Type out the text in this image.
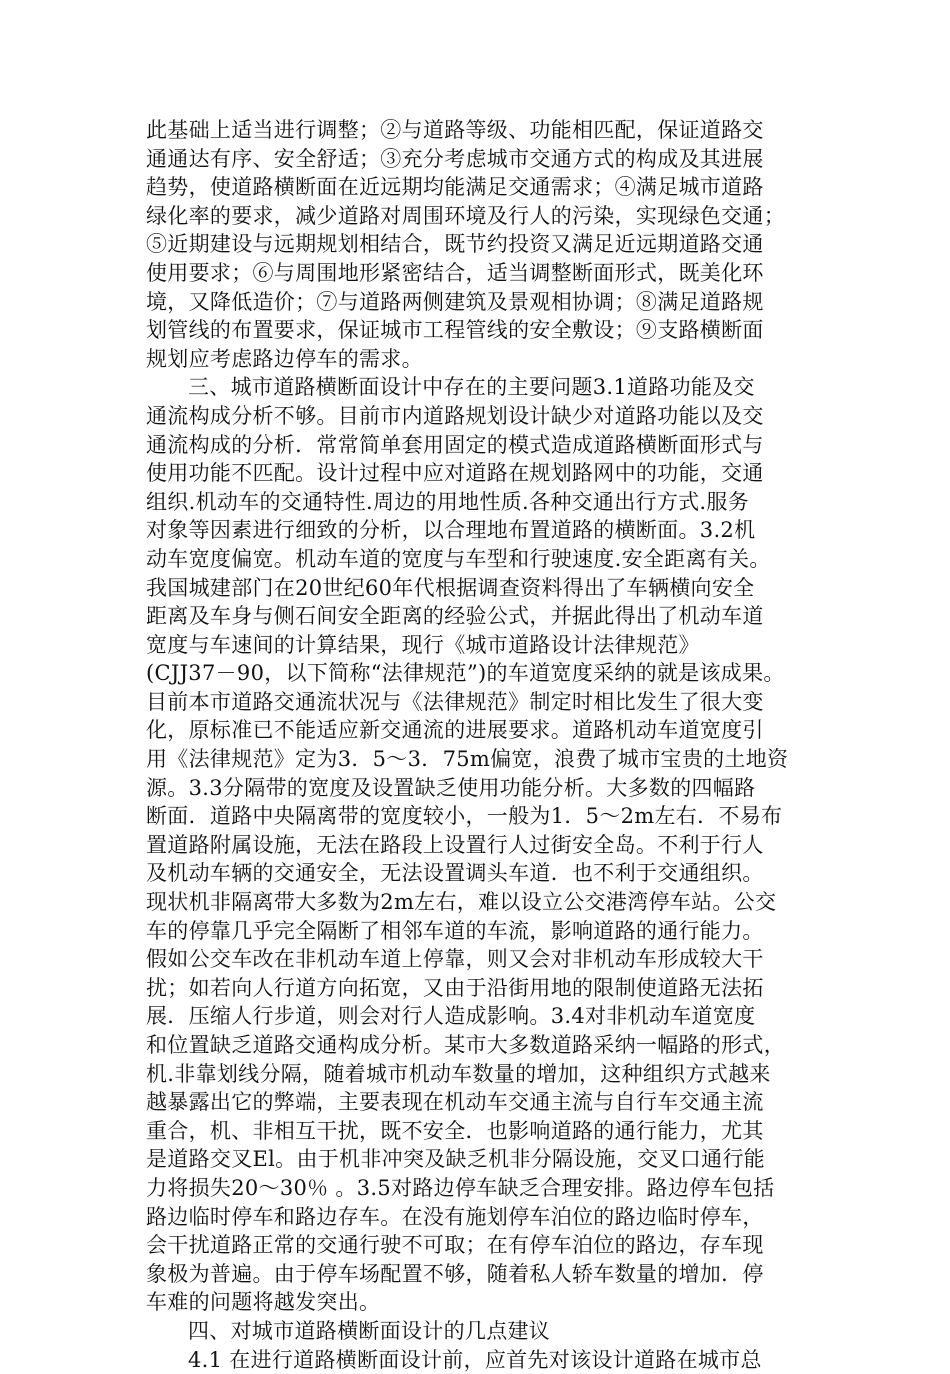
此基础上适当进行调整；②与道路等级、功能相匹配，保证道路交
通通达有序、安全舒适；③充分考虑城市交通方式的构成及其进展
趋势，使道路横断面在近远期均能满足交通需求；④满足城市道路
绿化率的要求，减少道路对周围环境及行人的污染，实现绿色交通；
⑤近期建设与远期规划相结合，既节约投资又满足近远期道路交通
使用要求；⑥与周围地形紧密结合，适当调整断面形式，既美化环
境，又降低造价；⑦与道路两侧建筑及景观相协调；⑧满足道路规
划管线的布置要求，保证城市工程管线的安全敷设；⑨支路横断面
规划应考虑路边停车的需求。
三、城市道路横断面设计中存在的主要问题3.1道路功能及交
通流构成分析不够。目前市内道路规划设计缺少对道路功能以及交
通流构成的分析．常常简单套用固定的模式造成道路横断面形式与
使用功能不匹配。设计过程中应对道路在规划路网中的功能，交通
组织.机动车的交通特性.周边的用地性质.各种交通出行方式.服务
对象等因素进行细致的分析，以合理地布置道路的横断面。3.2机
动车宽度偏宽。机动车道的宽度与车型和行驶速度.安全距离有关。
我国城建部门在20世纪60年代根据调查资料得出了车辆横向安全
距离及车身与侧石间安全距离的经验公式，并据此得出了机动车道
宽度与车速间的计算结果，现行《城市道路设计法律规范》
(CJJ37－90，以下简称“法律规范”)的车道宽度采纳的就是该成果。
目前本市道路交通流状况与《法律规范》制定时相比发生了很大变
化，原标准已不能适应新交通流的进展要求。道路机动车道宽度引
用《法律规范》定为3．5～3．75m偏宽，浪费了城市宝贵的土地资
源。3.3分隔带的宽度及设置缺乏使用功能分析。大多数的四幅路
断面．道路中央隔离带的宽度较小，一般为1．5～2m左右．不易布
置道路附属设施，无法在路段上设置行人过街安全岛。不利于行人
及机动车辆的交通安全，无法设置调头车道．也不利于交通组织。
现状机非隔离带大多数为2m左右，难以设立公交港湾停车站。公交
车的停靠几乎完全隔断了相邻车道的车流，影响道路的通行能力。
假如公交车改在非机动车道上停靠，则又会对非机动车形成较大干
扰；如若向人行道方向拓宽，又由于沿街用地的限制使道路无法拓
展．压缩人行步道，则会对行人造成影响。3.4对非机动车道宽度
和位置缺乏道路交通构成分析。某市大多数道路采纳一幅路的形式，
机.非靠划线分隔，随着城市机动车数量的增加，这种组织方式越来
越暴露出它的弊端，主要表现在机动车交通主流与自行车交通主流
重合，机、非相互干扰，既不安全．也影响道路的通行能力，尤其
是道路交叉El。由于机非冲突及缺乏机非分隔设施，交叉口通行能
力将损失20～30％ 。3.5对路边停车缺乏合理安排。路边停车包括
路边临时停车和路边存车。在没有施划停车泊位的路边临时停车，
会干扰道路正常的交通行驶不可取；在有停车泊位的路边，存车现
象极为普遍。由于停车场配置不够，随着私人轿车数量的增加．停
车难的问题将越发突出。
四、对城市道路横断面设计的几点建议
4.1 在进行道路横断面设计前，应首先对该设计道路在城市总
